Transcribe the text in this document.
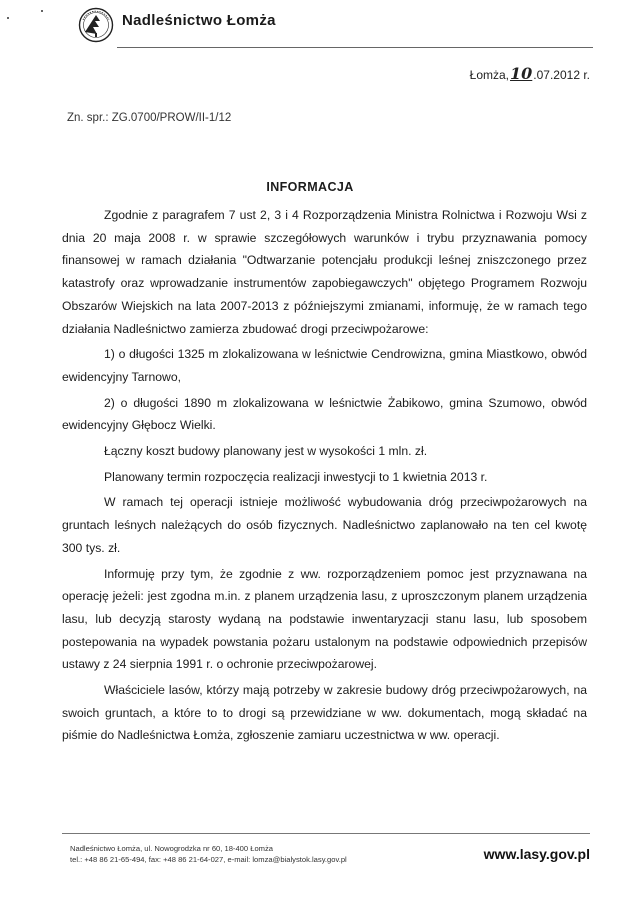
Nadleśnictwo Łomża
Łomża,10.07.2012 r.
Zn. spr.: ZG.0700/PROW/II-1/12
INFORMACJA

Zgodnie z paragrafem 7 ust 2, 3 i 4 Rozporządzenia Ministra Rolnictwa i Rozwoju Wsi z dnia 20 maja 2008 r. w sprawie szczegółowych warunków i trybu przyznawania pomocy finansowej w ramach działania "Odtwarzanie potencjału produkcji leśnej zniszczonego przez katastrofy oraz wprowadzanie instrumentów zapobiegawczych" objętego Programem Rozwoju Obszarów Wiejskich na lata 2007-2013 z późniejszymi zmianami, informuję, że w ramach tego działania Nadleśnictwo zamierza zbudować drogi przeciwpożarowe:

1) o długości 1325 m zlokalizowana w leśnictwie Cendrowizna, gmina Miastkowo, obwód ewidencyjny Tarnowo,

2) o długości 1890 m zlokalizowana w leśnictwie Żabikowo, gmina Szumowo, obwód ewidencyjny Głębocz Wielki.

Łączny koszt budowy planowany jest w wysokości 1 mln. zł.

Planowany termin rozpoczęcia realizacji inwestycji to 1 kwietnia 2013 r.

W ramach tej operacji istnieje możliwość wybudowania dróg przeciwpożarowych na gruntach leśnych należących do osób fizycznych. Nadleśnictwo zaplanowało na ten cel kwotę 300 tys. zł.

Informuję przy tym, że zgodnie z ww. rozporządzeniem pomoc jest przyznawana na operację jeżeli: jest zgodna m.in. z planem urządzenia lasu, z uproszczonym planem urządzenia lasu, lub decyzją starosty wydaną na podstawie inwentaryzacji stanu lasu, lub sposobem postepowania na wypadek powstania pożaru ustalonym na podstawie odpowiednich przepisów ustawy z 24 sierpnia 1991 r. o ochronie przeciwpożarowej.

Właściciele lasów, którzy mają potrzeby w zakresie budowy dróg przeciwpożarowych, na swoich gruntach, a które to to drogi są przewidziane w ww. dokumentach, mogą składać na piśmie do Nadleśnictwa Łomża, zgłoszenie zamiaru uczestnictwa w ww. operacji.

Nadleśnictwo Łomża, ul. Nowogrodzka nr 60, 18-400 Łomża
tel.: +48 86 21-65-494, fax: +48 86 21-64-027, e-mail: lomza@bialystok.lasy.gov.pl	www.lasy.gov.pl
